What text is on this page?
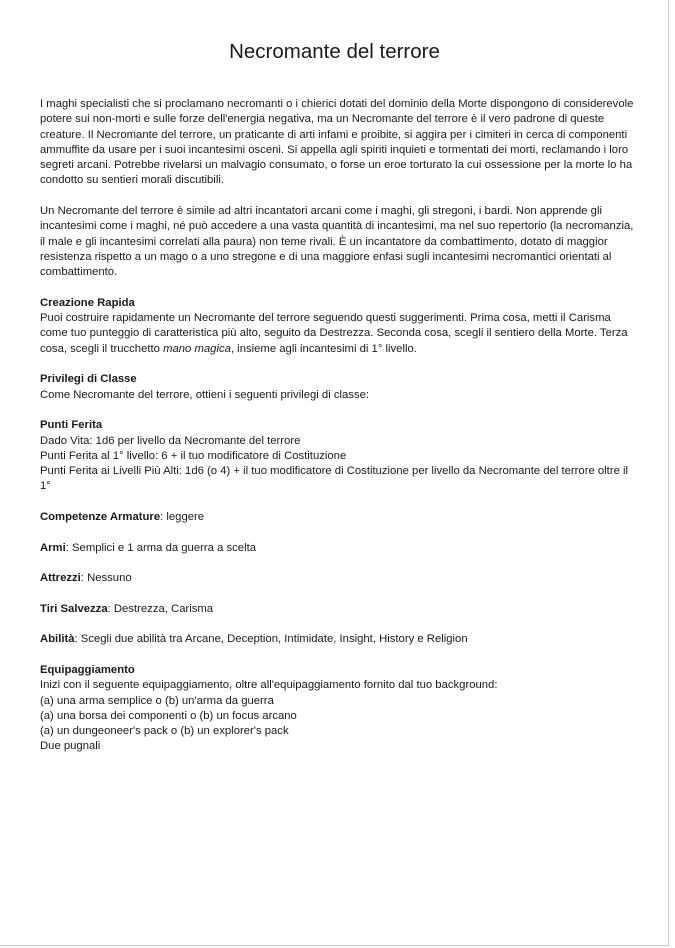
Necromante del terrore

I maghi specialisti che si proclamano necromanti o i chierici dotati del dominio della Morte dispongono di considerevole potere sui non-morti e sulle forze dell'energia negativa, ma un Necromante del terrore è il vero padrone di queste creature. Il Necromante del terrore, un praticante di arti infami e proibite, si aggira per i cimiteri in cerca di componenti ammuffite da usare per i suoi incantesimi osceni. Si appella agli spiriti inquieti e tormentati dei morti, reclamando i loro segreti arcani. Potrebbe rivelarsi un malvagio consumato, o forse un eroe torturato la cui ossessione per la morte lo ha condotto su sentieri morali discutibili.

Un Necromante del terrore è simile ad altri incantatori arcani come i maghi, gli stregoni, i bardi. Non apprende gli incantesimi come i maghi, né può accedere a una vasta quantità di incantesimi, ma nel suo repertorio (la necromanzia, il male e gli incantesimi correlati alla paura) non teme rivali. È un incantatore da combattimento, dotato di maggior resistenza rispetto a un mago o a uno stregone e di una maggiore enfasi sugli incantesimi necromantici orientati al combattimento.

Creazione Rapida
Puoi costruire rapidamente un Necromante del terrore seguendo questi suggerimenti. Prima cosa, metti il Carisma come tuo punteggio di caratteristica più alto, seguito da Destrezza. Seconda cosa, scegli il sentiero della Morte. Terza cosa, scegli il trucchetto mano magica, insieme agli incantesimi di 1° livello.
Privilegi di Classe
Come Necromante del terrore, ottieni i seguenti privilegi di classe:
Punti Ferita
Dado Vita: 1d6 per livello da Necromante del terrore
Punti Ferita al 1° livello: 6 + il tuo modificatore di Costituzione
Punti Ferita ai Livelli Più Alti: 1d6 (o 4) + il tuo modificatore di Costituzione per livello da Necromante del terrore oltre il 1°
Competenze Armature: leggere
Armi: Semplici e 1 arma da guerra a scelta
Attrezzi: Nessuno
Tiri Salvezza: Destrezza, Carisma
Abilità: Scegli due abilità tra Arcane, Deception, Intimidate, Insight, History e Religion
Equipaggiamento
Inizi con il seguente equipaggiamento, oltre all'equipaggiamento fornito dal tuo background:
(a) una arma semplice o (b) un'arma da guerra
(a) una borsa dei componenti o (b) un focus arcano
(a) un dungeoneer's pack o (b) un explorer's pack
Due pugnali
